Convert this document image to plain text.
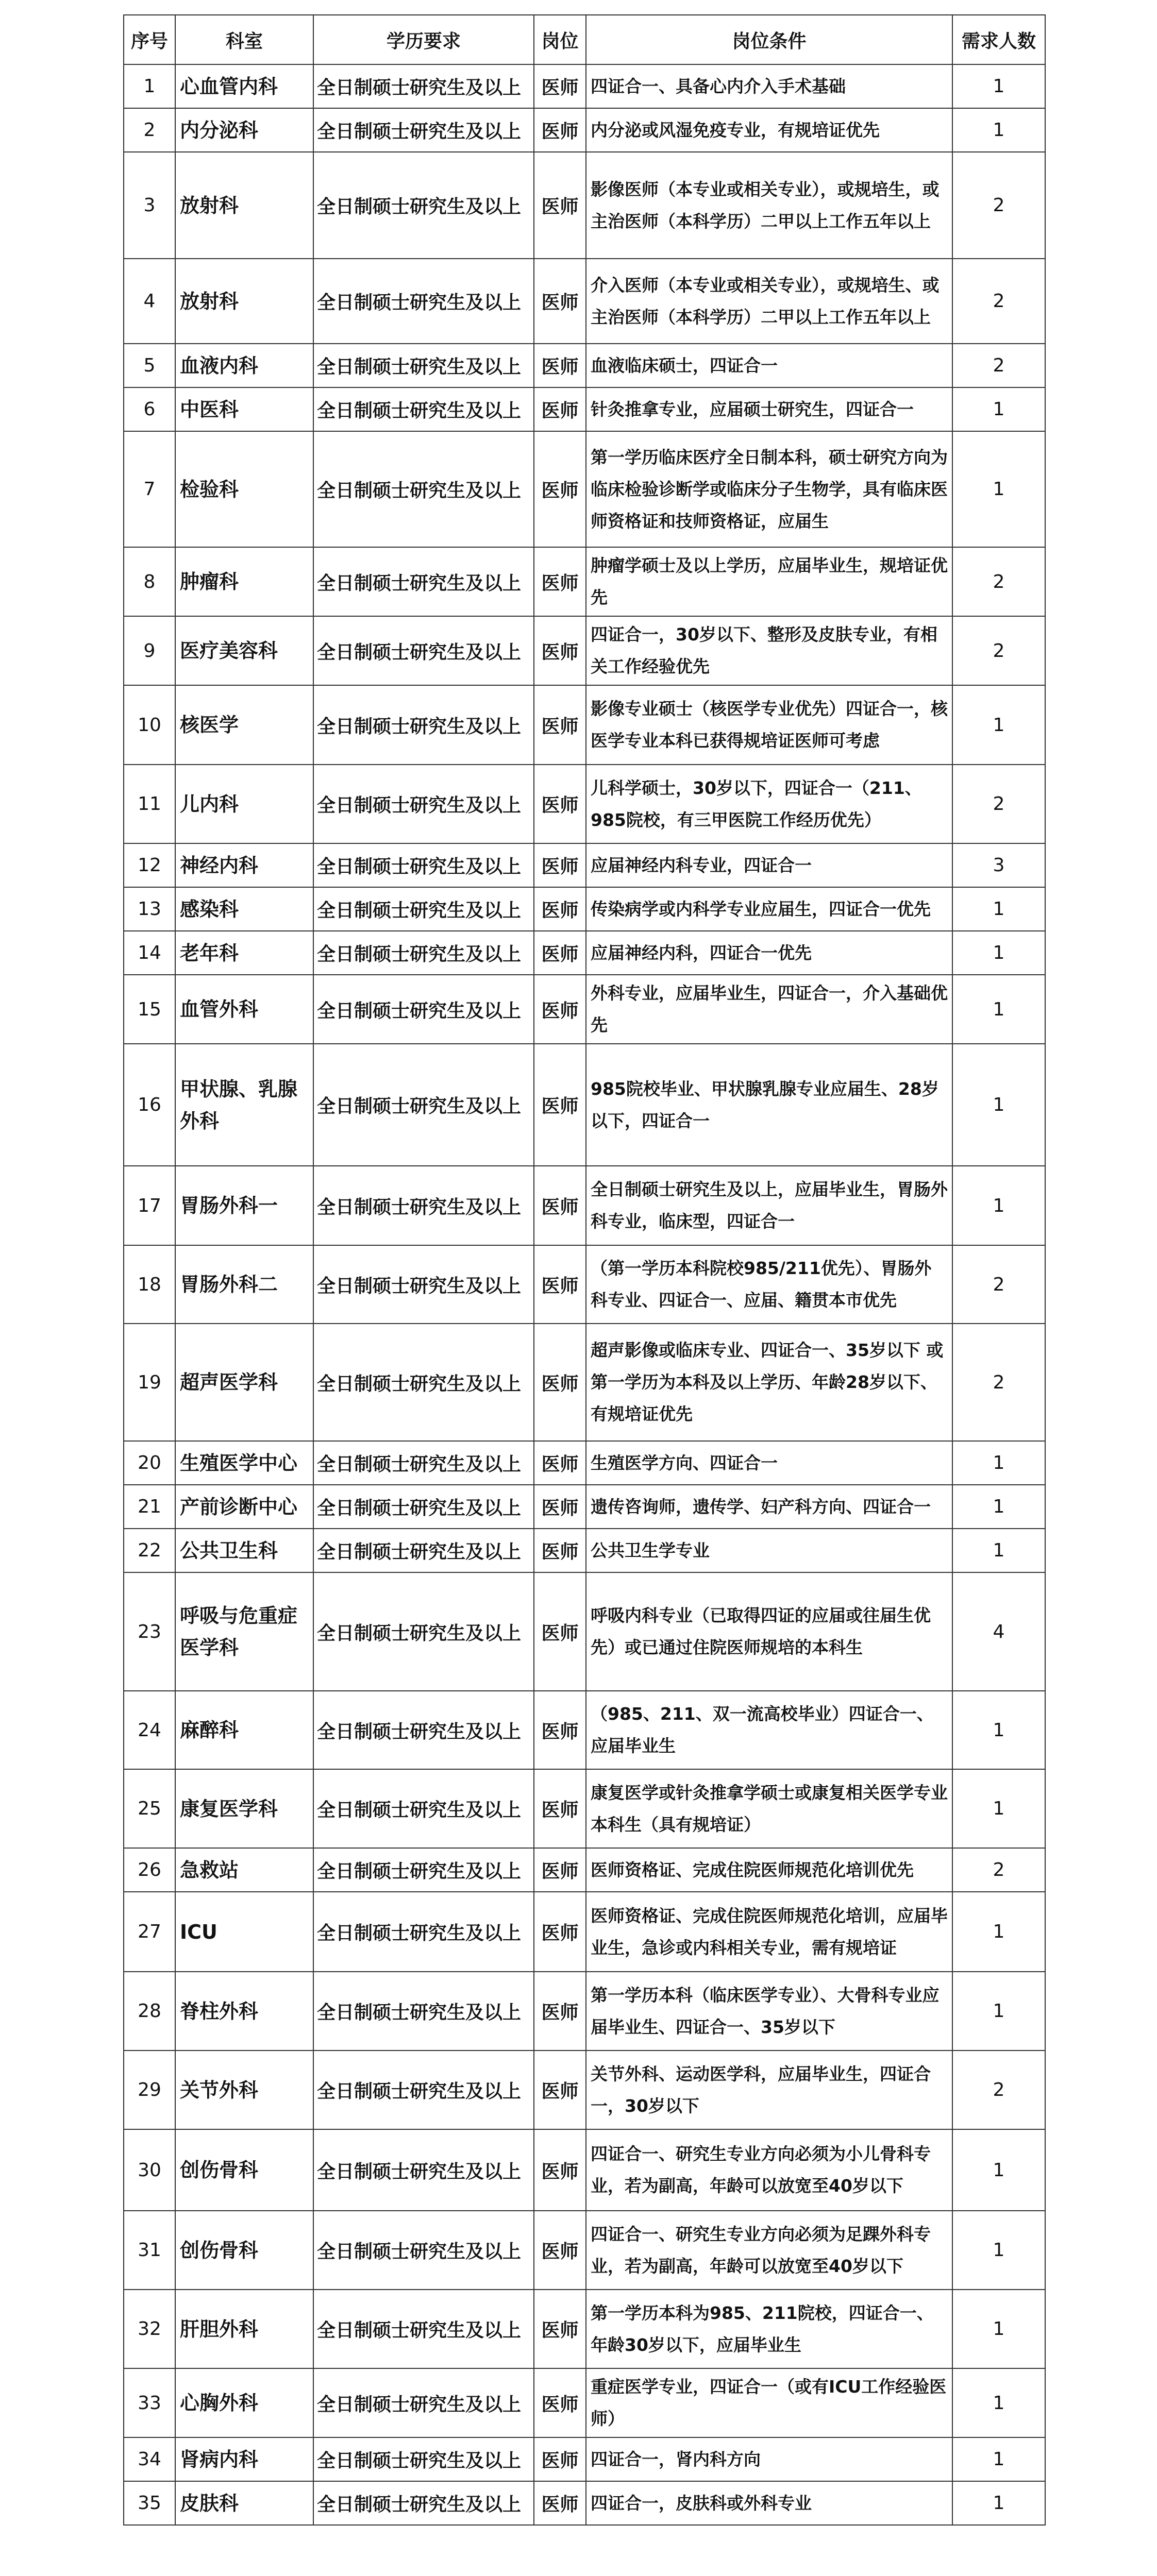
序号	科室	学历要求	岗位	岗位条件	需求人数
1	心血管内科	全日制硕士研究生及以上	医师	四证合一、具备心内介入手术基础	1
2	内分泌科	全日制硕士研究生及以上	医师	内分泌或风湿免疫专业，有规培证优先	1
3	放射科	全日制硕士研究生及以上	医师	影像医师（本专业或相关专业），或规培生，或主治医师（本科学历）二甲以上工作五年以上	2
4	放射科	全日制硕士研究生及以上	医师	介入医师（本专业或相关专业），或规培生、或主治医师（本科学历）二甲以上工作五年以上	2
5	血液内科	全日制硕士研究生及以上	医师	血液临床硕士，四证合一	2
6	中医科	全日制硕士研究生及以上	医师	针灸推拿专业，应届硕士研究生，四证合一	1
7	检验科	全日制硕士研究生及以上	医师	第一学历临床医疗全日制本科，硕士研究方向为临床检验诊断学或临床分子生物学，具有临床医师资格证和技师资格证，应届生	1
8	肿瘤科	全日制硕士研究生及以上	医师	肿瘤学硕士及以上学历，应届毕业生，规培证优先	2
9	医疗美容科	全日制硕士研究生及以上	医师	四证合一，30岁以下、整形及皮肤专业，有相关工作经验优先	2
10	核医学	全日制硕士研究生及以上	医师	影像专业硕士（核医学专业优先）四证合一，核医学专业本科已获得规培证医师可考虑	1
11	儿内科	全日制硕士研究生及以上	医师	儿科学硕士，30岁以下，四证合一（211、985院校，有三甲医院工作经历优先）	2
12	神经内科	全日制硕士研究生及以上	医师	应届神经内科专业，四证合一	3
13	感染科	全日制硕士研究生及以上	医师	传染病学或内科学专业应届生，四证合一优先	1
14	老年科	全日制硕士研究生及以上	医师	应届神经内科，四证合一优先	1
15	血管外科	全日制硕士研究生及以上	医师	外科专业，应届毕业生，四证合一，介入基础优先	1
16	甲状腺、乳腺外科	全日制硕士研究生及以上	医师	985院校毕业、甲状腺乳腺专业应届生、28岁以下，四证合一	1
17	胃肠外科一	全日制硕士研究生及以上	医师	全日制硕士研究生及以上，应届毕业生，胃肠外科专业，临床型，四证合一	1
18	胃肠外科二	全日制硕士研究生及以上	医师	（第一学历本科院校985/211优先）、胃肠外科专业、四证合一、应届、籍贯本市优先	2
19	超声医学科	全日制硕士研究生及以上	医师	超声影像或临床专业、四证合一、35岁以下 或 第一学历为本科及以上学历、年龄28岁以下、有规培证优先	2
20	生殖医学中心	全日制硕士研究生及以上	医师	生殖医学方向、四证合一	1
21	产前诊断中心	全日制硕士研究生及以上	医师	遗传咨询师，遗传学、妇产科方向、四证合一	1
22	公共卫生科	全日制硕士研究生及以上	医师	公共卫生学专业	1
23	呼吸与危重症医学科	全日制硕士研究生及以上	医师	呼吸内科专业（已取得四证的应届或往届生优先）或已通过住院医师规培的本科生	4
24	麻醉科	全日制硕士研究生及以上	医师	（985、211、双一流高校毕业）四证合一、应届毕业生	1
25	康复医学科	全日制硕士研究生及以上	医师	康复医学或针灸推拿学硕士或康复相关医学专业本科生（具有规培证）	1
26	急救站	全日制硕士研究生及以上	医师	医师资格证、完成住院医师规范化培训优先	2
27	ICU	全日制硕士研究生及以上	医师	医师资格证、完成住院医师规范化培训，应届毕业生，急诊或内科相关专业，需有规培证	1
28	脊柱外科	全日制硕士研究生及以上	医师	第一学历本科（临床医学专业）、大骨科专业应届毕业生、四证合一、35岁以下	1
29	关节外科	全日制硕士研究生及以上	医师	关节外科、运动医学科，应届毕业生，四证合一，30岁以下	2
30	创伤骨科	全日制硕士研究生及以上	医师	四证合一、研究生专业方向必须为小儿骨科专业，若为副高，年龄可以放宽至40岁以下	1
31	创伤骨科	全日制硕士研究生及以上	医师	四证合一、研究生专业方向必须为足踝外科专业，若为副高，年龄可以放宽至40岁以下	1
32	肝胆外科	全日制硕士研究生及以上	医师	第一学历本科为985、211院校，四证合一、年龄30岁以下，应届毕业生	1
33	心胸外科	全日制硕士研究生及以上	医师	重症医学专业，四证合一（或有ICU工作经验医师）	1
34	肾病内科	全日制硕士研究生及以上	医师	四证合一，肾内科方向	1
35	皮肤科	全日制硕士研究生及以上	医师	四证合一，皮肤科或外科专业	1
